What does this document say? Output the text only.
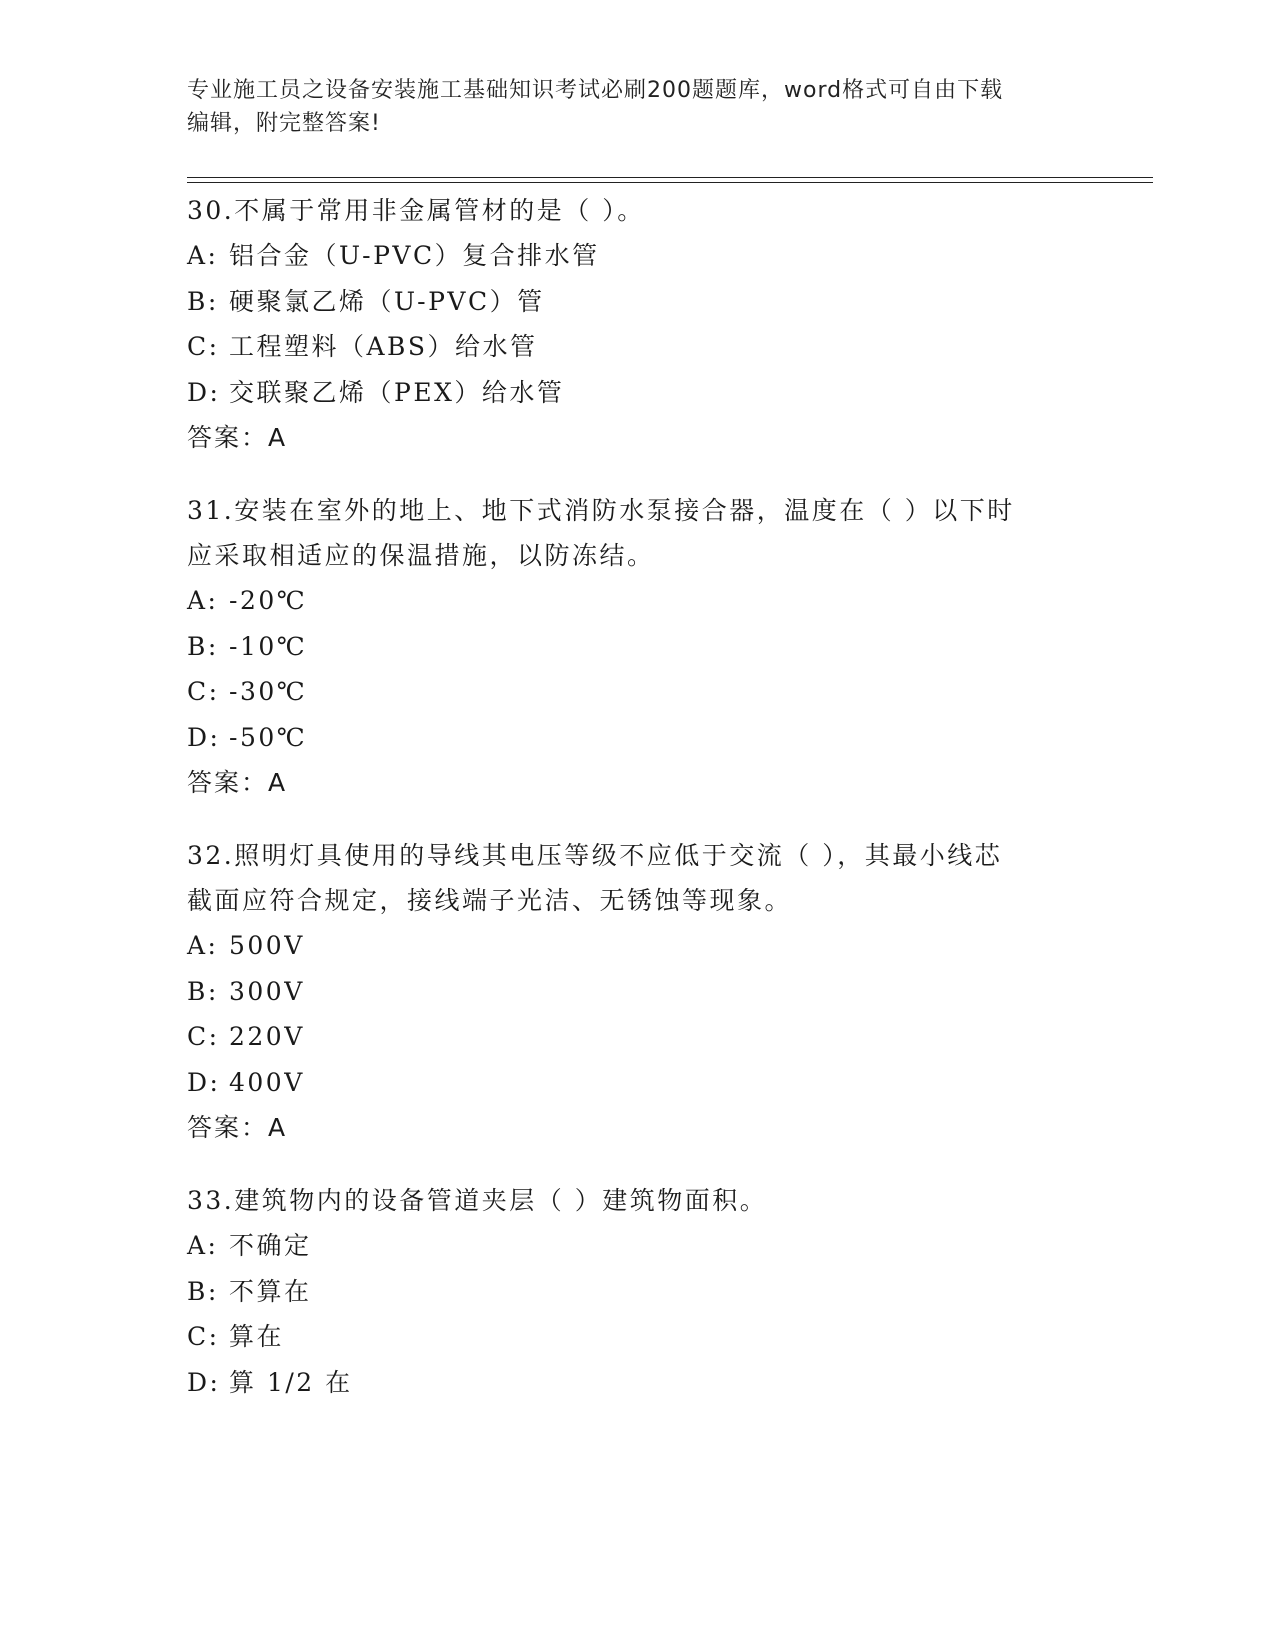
专业施工员之设备安装施工基础知识考试必刷200题题库，word格式可自由下载
编辑，附完整答案!

30.不属于常用非金属管材的是（ ）。

A: 铝合金（U-PVC）复合排水管

B: 硬聚氯乙烯（U-PVC）管

C: 工程塑料（ABS）给水管

D: 交联聚乙烯（PEX）给水管

答案：A

31.安装在室外的地上、地下式消防水泵接合器，温度在（ ）以下时

应采取相适应的保温措施，以防冻结。

A: -20℃

B: -10℃

C: -30℃

D: -50℃

答案：A

32.照明灯具使用的导线其电压等级不应低于交流（ ），其最小线芯

截面应符合规定，接线端子光洁、无锈蚀等现象。

A: 500V

B: 300V

C: 220V

D: 400V

答案：A

33.建筑物内的设备管道夹层（ ）建筑物面积。

A: 不确定

B: 不算在

C: 算在

D: 算 1/2 在
